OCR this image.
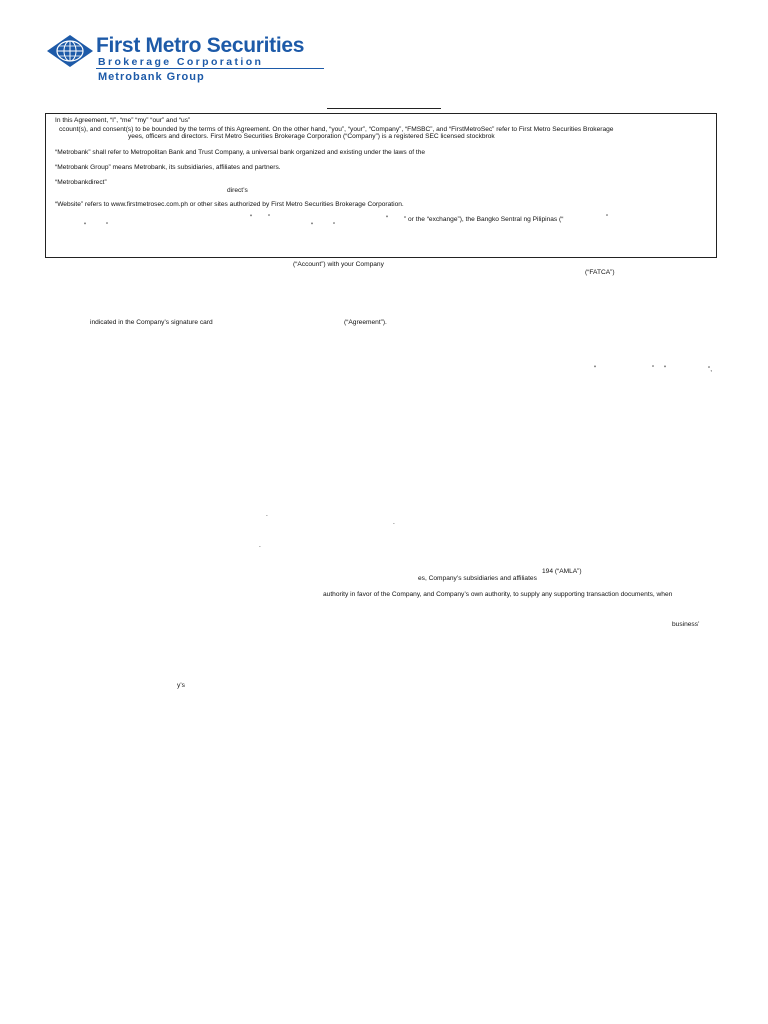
First Metro Securities
Brokerage Corporation
Metrobank Group
In this Agreement, “I”, “me” “my” “our” and “us”
ccount(s), and consent(s) to be bounded by the terms of this Agreement. On the other hand, “you”, “your”, “Company”, “FMSBC”, and “FirstMetroSec” refer to First Metro Securities Brokerage
yees, officers and directors. First Metro Securities Brokerage Corporation (“Company”) is a registered SEC licensed stockbrok
“Metrobank” shall refer to Metropolitan Bank and Trust Company, a universal bank organized and existing under the laws of the
“Metrobank Group” means Metrobank, its subsidiaries, affiliates and partners.
“Metrobankdirect”
direct’s
“Website” refers to www.firstmetrosec.com.ph or other sites authorized by First Metro Securities Brokerage Corporation.
“ ”	“ ” or the “exchange”), the Bangko Sentral ng Pilipinas (“	”
“	”	“	”
(“Account”) with your Company
(“FATCA”)
indicated in the Company’s signature card	(“Agreement”).
“	” “	”,
.
.
.
194 (“AMLA”)
es, Company’s subsidiaries and affiliates
authority in favor of the Company, and Company’s own authority, to supply any supporting transaction documents, when
business’
y’s
